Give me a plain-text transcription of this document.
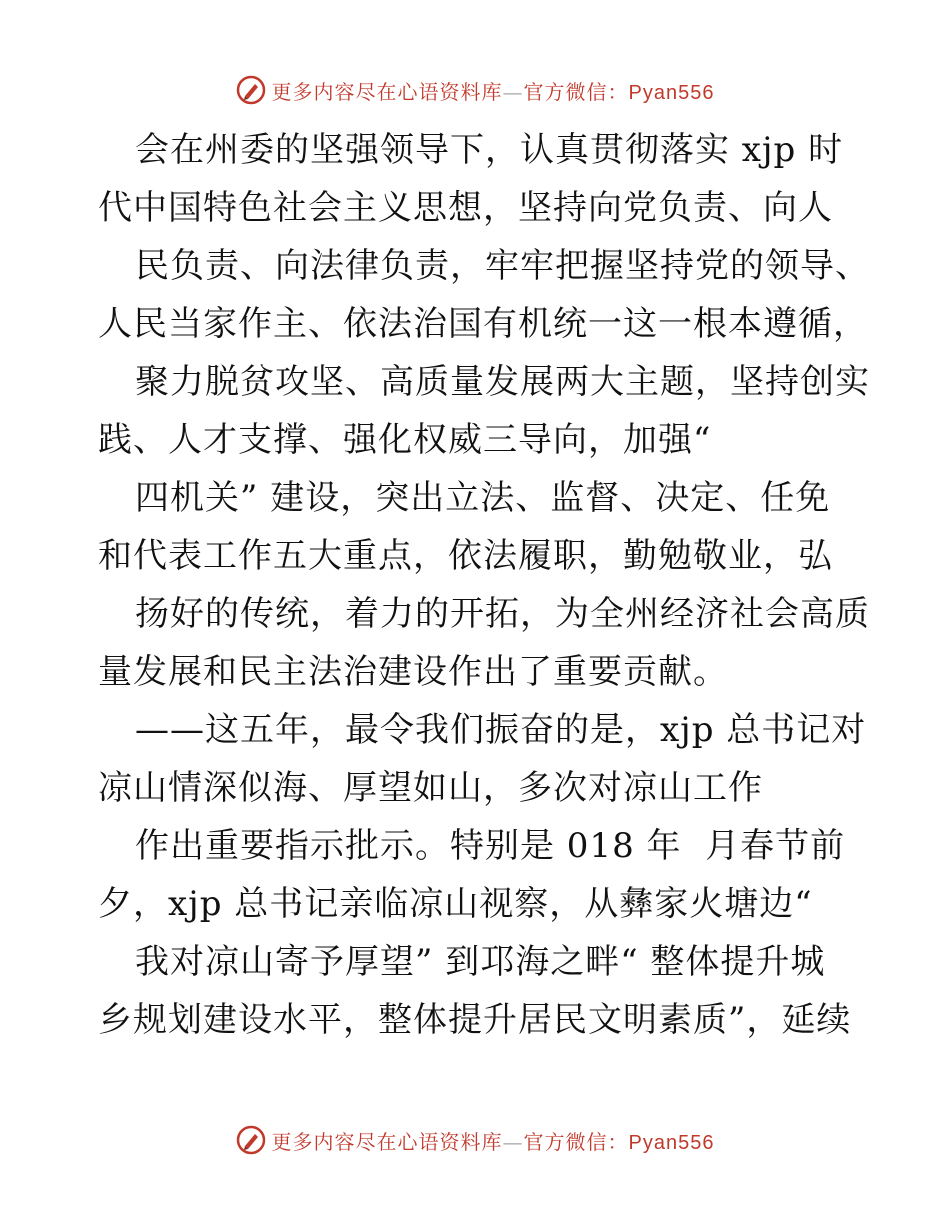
更多内容尽在心语资料库—官方微信：Pyan556
会在州委的坚强领导下，认真贯彻落实 xjp 时
代中国特色社会主义思想，坚持向党负责、向人
民负责、向法律负责，牢牢把握坚持党的领导、
人民当家作主、依法治国有机统一这一根本遵循，
聚力脱贫攻坚、高质量发展两大主题，坚持创实
践、人才支撑、强化权威三导向，加强“
四机关” 建设，突出立法、监督、决定、任免
和代表工作五大重点，依法履职，勤勉敬业，弘
扬好的传统，着力的开拓，为全州经济社会高质
量发展和民主法治建设作出了重要贡献。
——这五年，最令我们振奋的是，xjp 总书记对
凉山情深似海、厚望如山，多次对凉山工作
作出重要指示批示。特别是 018 年  月春节前
夕，xjp 总书记亲临凉山视察，从彝家火塘边“
我对凉山寄予厚望” 到邛海之畔“ 整体提升城
乡规划建设水平，整体提升居民文明素质”，延续
更多内容尽在心语资料库—官方微信：Pyan556
